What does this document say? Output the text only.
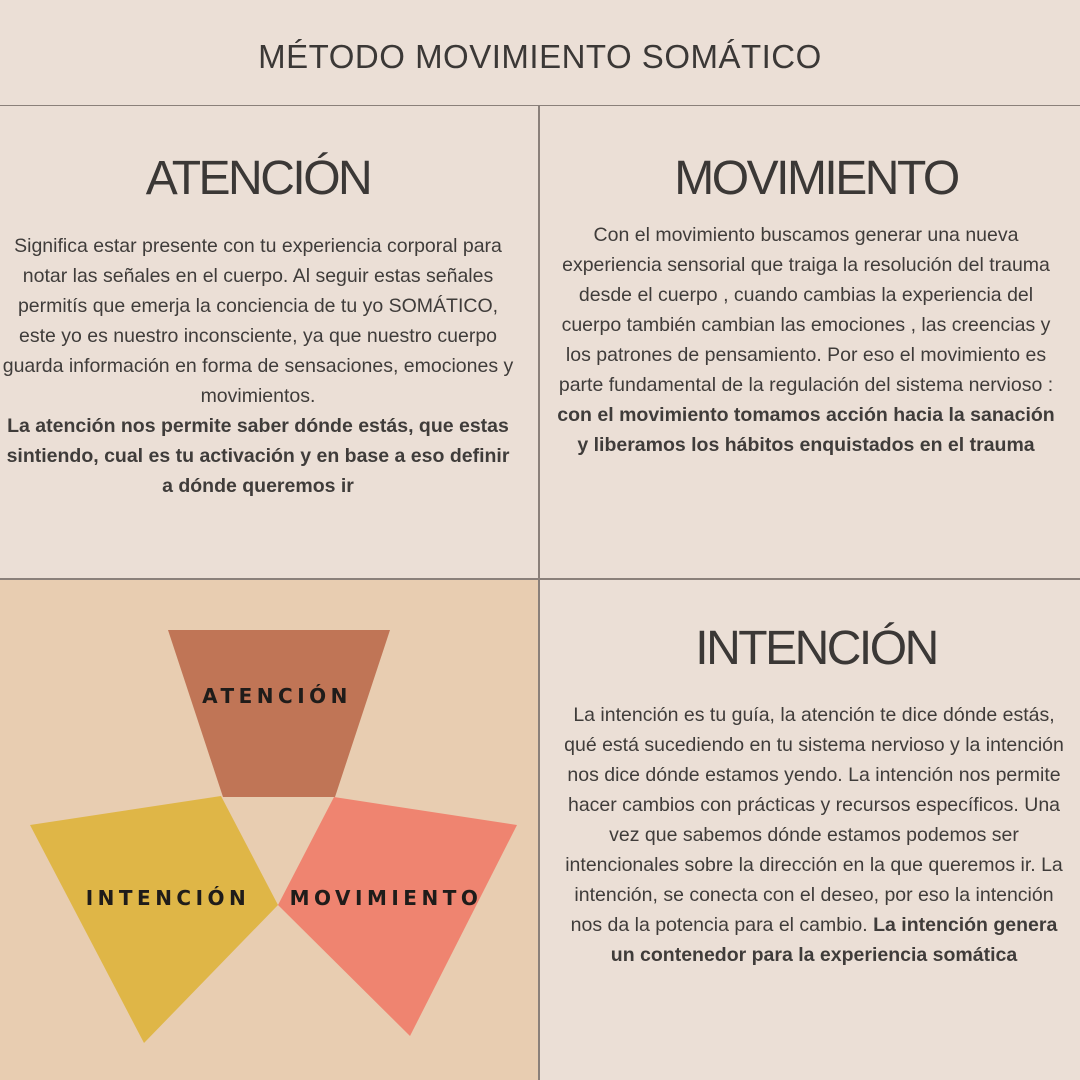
MÉTODO MOVIMIENTO SOMÁTICO
ATENCIÓN

Significa estar presente con tu experiencia corporal para notar las señales en el cuerpo. Al seguir estas señales permitís que emerja la conciencia de tu yo SOMÁTICO, este yo es nuestro inconsciente, ya que nuestro cuerpo guarda información en forma de sensaciones, emociones y movimientos.
La atención nos permite saber dónde estás, que estas sintiendo, cual es tu activación y en base a eso definir a dónde queremos ir

MOVIMIENTO

Con el movimiento buscamos generar una nueva experiencia sensorial que traiga la resolución del trauma desde el cuerpo , cuando cambias la experiencia del cuerpo también cambian las emociones , las creencias y los patrones de pensamiento. Por eso el movimiento es parte fundamental de la regulación del sistema nervioso : con el movimiento tomamos acción hacia la sanación y liberamos los hábitos enquistados en el trauma

ATENCIÓN
INTENCIÓN MOVIMIENTO
INTENCIÓN

La intención es tu guía, la atención te dice dónde estás, qué está sucediendo en tu sistema nervioso y la intención nos dice dónde estamos yendo. La intención nos permite hacer cambios con prácticas y recursos específicos. Una vez que sabemos dónde estamos podemos ser intencionales sobre la dirección en la que queremos ir. La intención, se conecta con el deseo, por eso la intención nos da la potencia para el cambio. La intención genera un contenedor para la experiencia somática
